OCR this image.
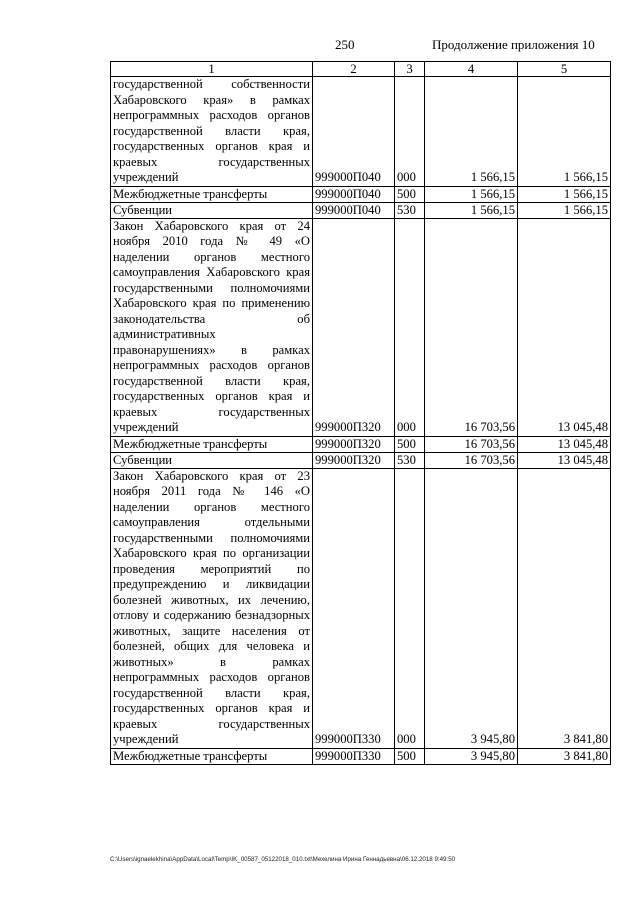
250	Продолжение приложения 10
1	2	3	4	5
государственной собственности Хабаровского края» в рамках непрограммных расходов органов государственной власти края, государственных органов края и краевых государственных учреждений	999000П040	000	1 566,15	1 566,15
Межбюджетные трансферты	999000П040	500	1 566,15	1 566,15
Субвенции	999000П040	530	1 566,15	1 566,15
Закон Хабаровского края от 24 ноября 2010 года № 49 «О наделении органов местного самоуправления Хабаровского края государственными полномочиями Хабаровского края по применению законодательства об административных правонарушениях» в рамках непрограммных расходов органов государственной власти края, государственных органов края и краевых государственных учреждений	999000П320	000	16 703,56	13 045,48
Межбюджетные трансферты	999000П320	500	16 703,56	13 045,48
Субвенции	999000П320	530	16 703,56	13 045,48
Закон Хабаровского края от 23 ноября 2011 года № 146 «О наделении органов местного самоуправления отдельными государственными полномочиями Хабаровского края по организации проведения мероприятий по предупреждению и ликвидации болезней животных, их лечению, отлову и содержанию безнадзорных животных, защите населения от болезней, общих для человека и животных» в рамках непрограммных расходов органов государственной власти края, государственных органов края и краевых государственных учреждений	999000П330	000	3 945,80	3 841,80
Межбюджетные трансферты	999000П330	500	3 945,80	3 841,80
C:\Users\ignaelekhina\AppData\Local\Temp\IK_00587_05122018_010.txt\Мехелина Ирина Геннадьевна\06.12.2018 9:49:50
